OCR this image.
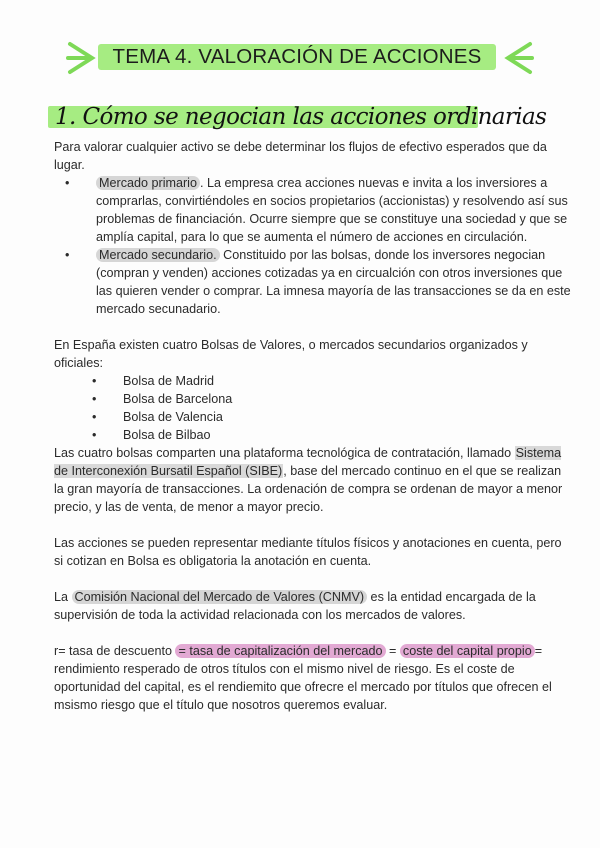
TEMA 4. VALORACIÓN DE ACCIONES
1. Cómo se negocian las acciones ordinarias

Para valorar cualquier activo se debe determinar los flujos de efectivo esperados que da lugar.

• Mercado primario . La empresa crea acciones nuevas e invita a los inversiores a comprarlas, convirtiéndoles en socios propietarios (accionistas) y resolvendo así sus problemas de financiación. Ocurre siempre que se constituye una sociedad y que se amplía capital, para lo que se aumenta el número de acciones en circulación.
• Mercado secundario. Constituido por las bolsas, donde los inversores negocian (compran y venden) acciones cotizadas ya en circualción con otros inversiones que las quieren vender o comprar. La imnesa mayoría de las transacciones se da en este mercado secunadario.

En España existen cuatro Bolsas de Valores, o mercados secundarios organizados y oficiales:

• Bolsa de Madrid
• Bolsa de Barcelona
• Bolsa de Valencia
• Bolsa de Bilbao

Las cuatro bolsas comparten una plataforma tecnológica de contratación, llamado Sistema de Interconexión Bursatil Español (SIBE), base del mercado continuo en el que se realizan la gran mayoría de transacciones. La ordenación de compra se ordenan de mayor a menor precio, y las de venta, de menor a mayor precio.

Las acciones se pueden representar mediante títulos físicos y anotaciones en cuenta, pero si cotizan en Bolsa es obligatoria la anotación en cuenta.

La Comisión Nacional del Mercado de Valores (CNMV) es la entidad encargada de la supervisión de toda la actividad relacionada con los mercados de valores.

r= tasa de descuento = tasa de capitalización del mercado = coste del capital propio = rendimiento resperado de otros títulos con el mismo nivel de riesgo. Es el coste de oportunidad del capital, es el rendiemito que ofrecre el mercado por títulos que ofrecen el msismo riesgo que el título que nosotros queremos evaluar.
